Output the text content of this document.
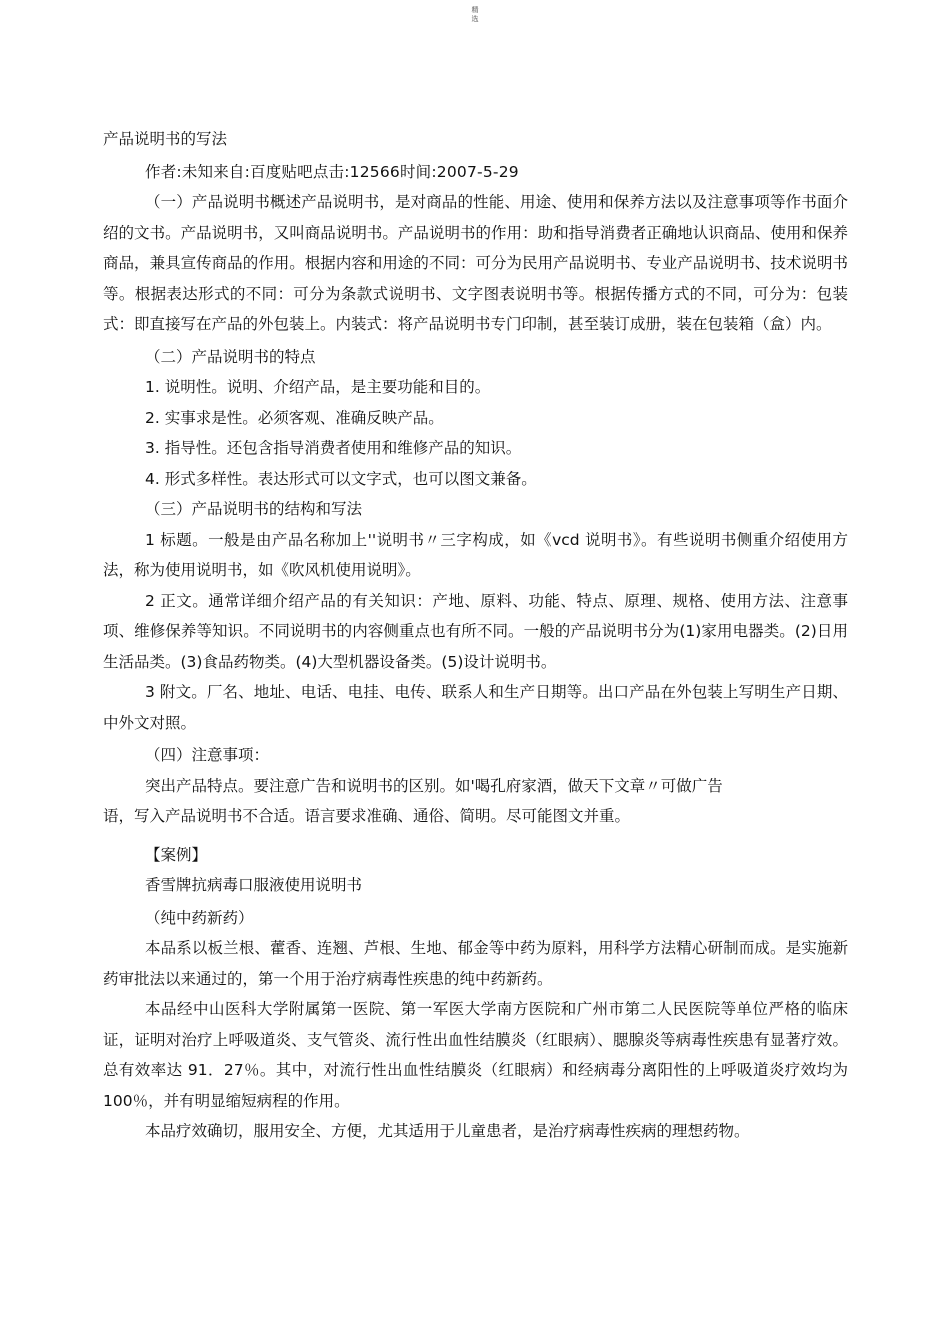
精
选

产品说明书的写法

作者:未知来自:百度贴吧点击:12566时间:2007-5-29

（一）产品说明书概述产品说明书，是对商品的性能、用途、使用和保养方法以及注意事项等作书面介绍的文书。产品说明书，又叫商品说明书。产品说明书的作用：助和指导消费者正确地认识商品、使用和保养商品，兼具宣传商品的作用。根据内容和用途的不同：可分为民用产品说明书、专业产品说明书、技术说明书等。根据表达形式的不同：可分为条款式说明书、文字图表说明书等。根据传播方式的不同，可分为：包装式：即直接写在产品的外包装上。内装式：将产品说明书专门印制，甚至装订成册，装在包装箱（盒）内。

（二）产品说明书的特点

1. 说明性。说明、介绍产品，是主要功能和目的。

2. 实事求是性。必须客观、准确反映产品。

3. 指导性。还包含指导消费者使用和维修产品的知识。

4. 形式多样性。表达形式可以文字式，也可以图文兼备。

（三）产品说明书的结构和写法

1 标题。一般是由产品名称加上''说明书〃三字构成，如《vcd 说明书》。有些说明书侧重介绍使用方法，称为使用说明书，如《吹风机使用说明》。

2 正文。通常详细介绍产品的有关知识：产地、原料、功能、特点、原理、规格、使用方法、注意事项、维修保养等知识。不同说明书的内容侧重点也有所不同。一般的产品说明书分为(1)家用电器类。(2)日用生活品类。(3)食品药物类。(4)大型机器设备类。(5)设计说明书。

3 附文。厂名、地址、电话、电挂、电传、联系人和生产日期等。出口产品在外包装上写明生产日期、中外文对照。

（四）注意事项：

突出产品特点。要注意广告和说明书的区别。如'喝孔府家酒，做天下文章〃可做广告

语，写入产品说明书不合适。语言要求准确、通俗、简明。尽可能图文并重。

【案例】

香雪牌抗病毒口服液使用说明书

（纯中药新药）

本品系以板兰根、藿香、连翘、芦根、生地、郁金等中药为原料，用科学方法精心研制而成。是实施新药审批法以来通过的，第一个用于治疗病毒性疾患的纯中药新药。

本品经中山医科大学附属第一医院、第一军医大学南方医院和广州市第二人民医院等单位严格的临床证，证明对治疗上呼吸道炎、支气管炎、流行性出血性结膜炎（红眼病）、腮腺炎等病毒性疾患有显著疗效。总有效率达 91．27％。其中，对流行性出血性结膜炎（红眼病）和经病毒分离阳性的上呼吸道炎疗效均为 100％，并有明显缩短病程的作用。

本品疗效确切，服用安全、方便，尤其适用于儿童患者，是治疗病毒性疾病的理想药物。
